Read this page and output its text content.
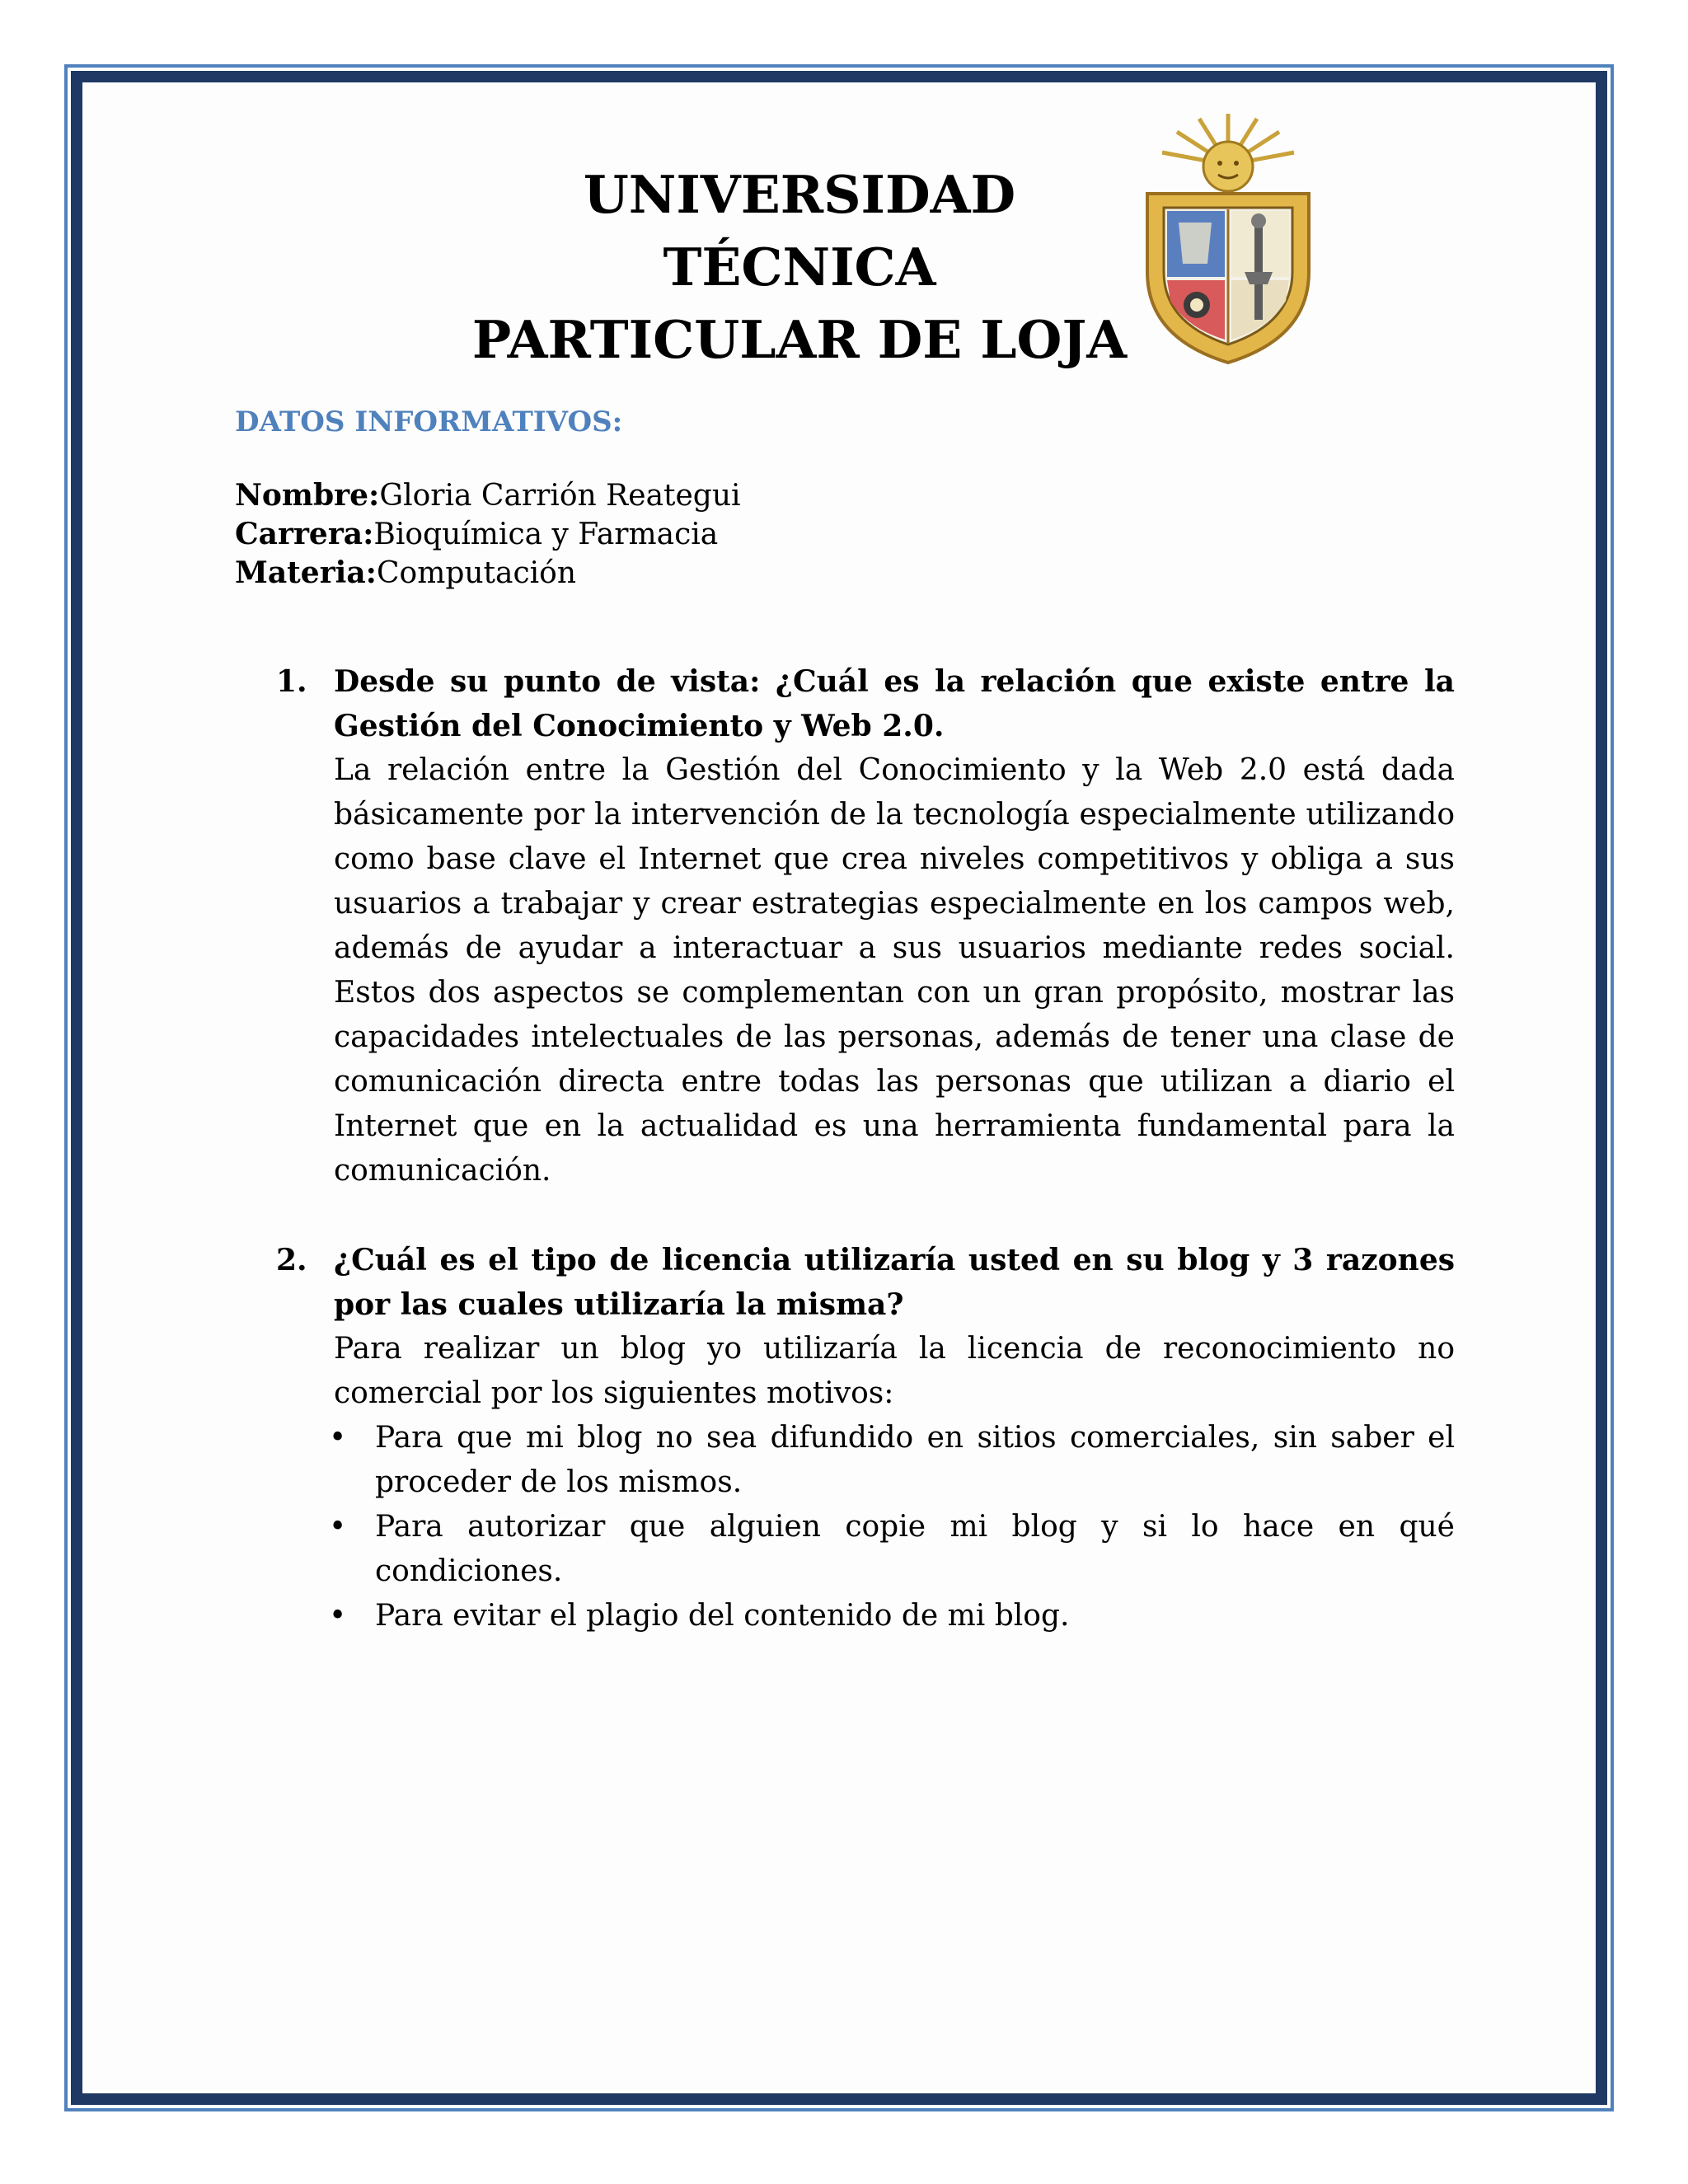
UNIVERSIDAD TÉCNICA
PARTICULAR DE LOJA
DATOS INFORMATIVOS:
Nombre:Gloria Carrión Reategui
Carrera:Bioquímica y Farmacia
Materia:Computación
1. Desde su punto de vista: ¿Cuál es la relación que existe entre la Gestión del Conocimiento y Web 2.0.
La relación entre la Gestión del Conocimiento y la Web 2.0 está dada básicamente por la intervención de la tecnología especialmente utilizando como base clave el Internet que crea niveles competitivos y obliga a sus usuarios a trabajar y crear estrategias especialmente en los campos web, además de ayudar a interactuar a sus usuarios mediante redes social. Estos dos aspectos se complementan con un gran propósito, mostrar las capacidades intelectuales de las personas, además de tener una clase de comunicación directa entre todas las personas que utilizan a diario el Internet que en la actualidad es una herramienta fundamental para la comunicación.
2. ¿Cuál es el tipo de licencia utilizaría usted en su blog y 3 razones por las cuales utilizaría la misma?
Para realizar un blog yo utilizaría la licencia de reconocimiento no comercial por los siguientes motivos:
• Para que mi blog no sea difundido en sitios comerciales, sin saber el proceder de los mismos.
• Para autorizar que alguien copie mi blog y si lo hace en qué condiciones.
• Para evitar el plagio del contenido de mi blog.
